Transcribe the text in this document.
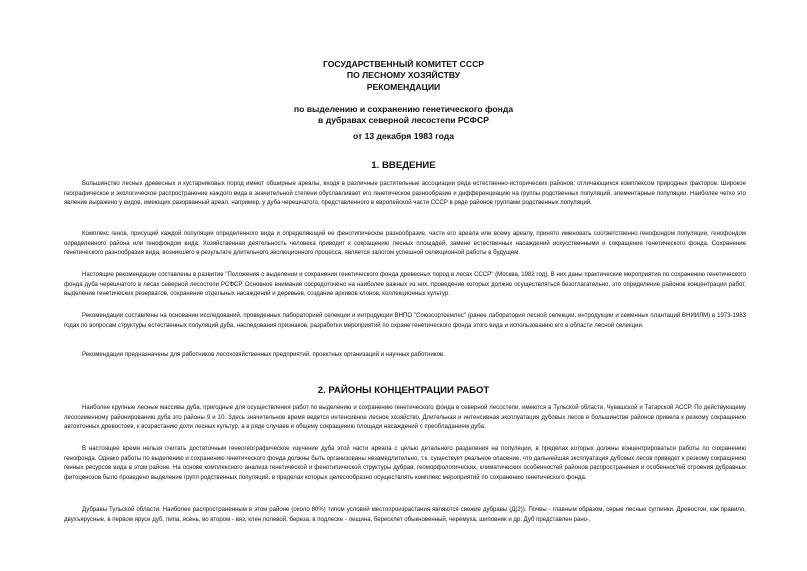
ГОСУДАРСТВЕННЫЙ КОМИТЕТ СССР
ПО ЛЕСНОМУ ХОЗЯЙСТВУ
РЕКОМЕНДАЦИИ
по выделению и сохранению генетического фонда
в дубравах северной лесостепи РСФСР
от 13 декабря 1983 года
1. ВВЕДЕНИЕ

Большинство лесных древесных и кустарниковых пород имеют обширные ареалы, входя в различные растительные ассоциации ряда естественно-исторических районов, отличающихся комплексом природных факторов. Широкое географическое и экологическое распространение каждого вида в значительной степени обуславливает его генетическое разнообразие и дифференциацию на группы родственных популяций, элементарные популяции. Наиболее четко это явление выражено у видов, имеющих разорванный ареал, например, у дуба черешчатого, представленного в европейской части СССР в ряде районов группами родственных популяций.

Комплекс генов, присущий каждой популяции определенного вида и определяющий ее фенотипическое разнообразие, части его ареала или всему ареалу, принято именовать соответственно генофондом популяции, генофондом определенного района или генофондом вида. Хозяйственная деятельность человека приводит к сокращению лесных площадей, замене естественных насаждений искусственными и сокращение генетического фонда. Сохранение генетического разнообразия вида, возникшего в результате длительного эволюционного процесса, является залогом успешной селекционной работы в будущем.

Настоящие рекомендации составлены в развитие "Положения о выделении и сохранении генетического фонда древесных пород в лесах СССР" (Москва, 1982 год). В них даны практические мероприятия по сохранению генетического фонда дуба черешчатого в лесах северной лесостепи РСФСР. Основное внимание сосредоточено на наиболее важных из них, проведение которых должно осуществляться безотлагательно, это определение районов концентрации работ, выделение генетических резерватов, сохранение отдельных насаждений и деревьев, создание архивов клонов, коллекционных культур.

Рекомендации составлены на основании исследований, проведенных лабораторией селекции и интродукции ВНПО "Союзсортсемлес" (ранее лаборатория лесной селекции, интродукции и семенных плантаций ВНИИЛМ) в 1973-1983 годах по вопросам структуры естественных популяций дуба, наследования признаков, разработки мероприятий по охране генетического фонда этого вида и использованию его в области лесной селекции.

Рекомендации предназначены для работников лесохозяйственных предприятий, проектных организаций и научных работников.

2. РАЙОНЫ КОНЦЕНТРАЦИИ РАБОТ

Наиболее крупные лесные массивы дуба, пригодные для осуществления работ по выделению и сохранению генетического фонда в северной лесостепи, имеются в Тульской области, Чувашской и Татарской АССР. По действующему лесосеменному районированию дуба это районы 9 и 10. Здесь значительное время ведется интенсивное лесное хозяйство. Длительная и интенсивная эксплуатация дубовых лесов в большинстве районов привела к резкому сокращению автохтонных древостоев, к возрастанию доли лесных культур, а в ряде случаев и общему сокращению площади насаждений с преобладанием дуба.

В настоящее время нельзя считать достаточным генеогеографическое изучение дуба этой части ареала с целью детального разделения на популяции, в пределах которых должны концентрироваться работы по сохранению генофонда. Однако работы по выделению и сохранению генетического фонда должны быть организованы незамедлительно, т.к. существует реальное опасение, что дальнейшая эксплуатация дубовых лесов приведет к резкому сокращению генных ресурсов вида в этом районе. На основе комплексного анализа генетической и фенотипической структуры дубрав, геоморфологических, климатических особенностей районов распространения и особенностей строения дубравных фитоценозов было проведено выделение групп родственных популяций, в пределах которых целесообразно осуществлять комплекс мероприятий по сохранению генетического фонда.

Дубравы Тульской области. Наиболее распространенным в этом районе (около 80%) типом условий местопроизрастания являются свежие дубравы (Д(2)). Почвы - главным образом, серые лесные суглинки. Древостои, как правило, двухъярусные, в первом ярусе дуб, липа, ясень, во втором - вяз, клен полевой, береза, в подлеске - лещина, бересклет обыкновенный, черемуха, шиповник и др. Дуб представлен рано-,
